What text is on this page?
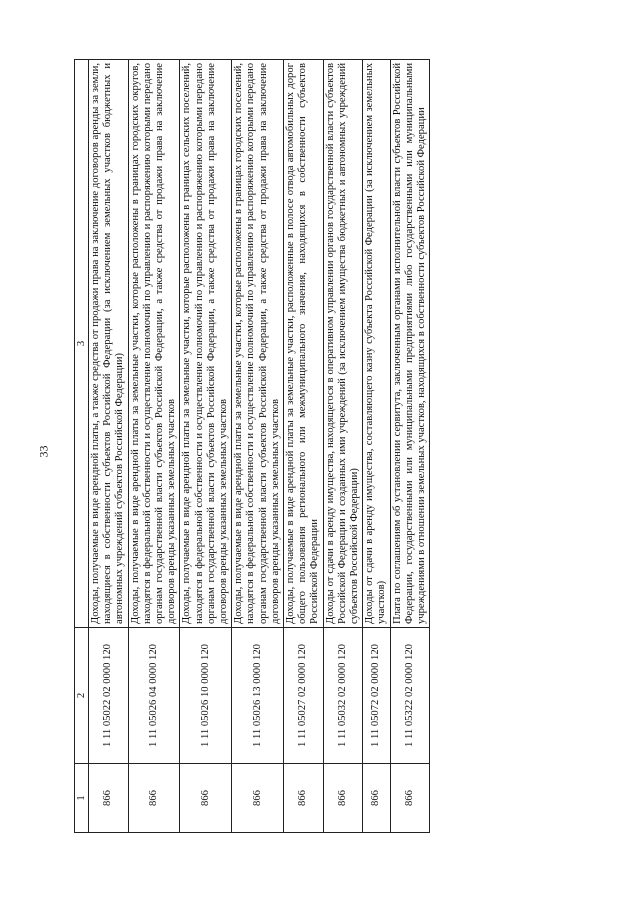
33
1	2	3
866	1 11 05022 02 0000 120	Доходы, получаемые в виде арендной платы, а также средства от продажи права на заключение договоров аренды за земли, находящиеся в собственности субъектов Российской Федерации (за исключением земельных участков бюджетных и автономных учреждений субъектов Российской Федерации)
866	1 11 05026 04 0000 120	Доходы, получаемые в виде арендной платы за земельные участки, которые расположены в границах городских округов, находятся в федеральной собственности и осуществление полномочий по управлению и распоряжению которыми передано органам государственной власти субъектов Российской Федерации, а также средства от продажи права на заключение договоров аренды указанных земельных участков
866	1 11 05026 10 0000 120	Доходы, получаемые в виде арендной платы за земельные участки, которые расположены в границах сельских поселений, находятся в федеральной собственности и осуществление полномочий по управлению и распоряжению которыми передано органам государственной власти субъектов Российской Федерации, а также средства от продажи права на заключение договоров аренды указанных земельных участков
866	1 11 05026 13 0000 120	Доходы, получаемые в виде арендной платы за земельные участки, которые расположены в границах городских поселений, находятся в федеральной собственности и осуществление полномочий по управлению и распоряжению которыми передано органам государственной власти субъектов Российской Федерации, а также средства от продажи права на заключение договоров аренды указанных земельных участков
866	1 11 05027 02 0000 120	Доходы, получаемые в виде арендной платы за земельные участки, расположенные в полосе отвода автомобильных дорог общего пользования регионального или межмуниципального значения, находящихся в собственности субъектов Российской Федерации
866	1 11 05032 02 0000 120	Доходы от сдачи в аренду имущества, находящегося в оперативном управлении органов государственной власти субъектов Российской Федерации и созданных ими учреждений (за исключением имущества бюджетных и автономных учреждений субъектов Российской Федерации)
866	1 11 05072 02 0000 120	Доходы от сдачи в аренду имущества, составляющего казну субъекта Российской Федерации (за исключением земельных участков)
866	1 11 05322 02 0000 120	Плата по соглашениям об установлении сервитута, заключенным органами исполнительной власти субъектов Российской Федерации, государственными или муниципальными предприятиями либо государственными или муниципальными учреждениями в отношении земельных участков, находящихся в собственности субъектов Российской Федерации
